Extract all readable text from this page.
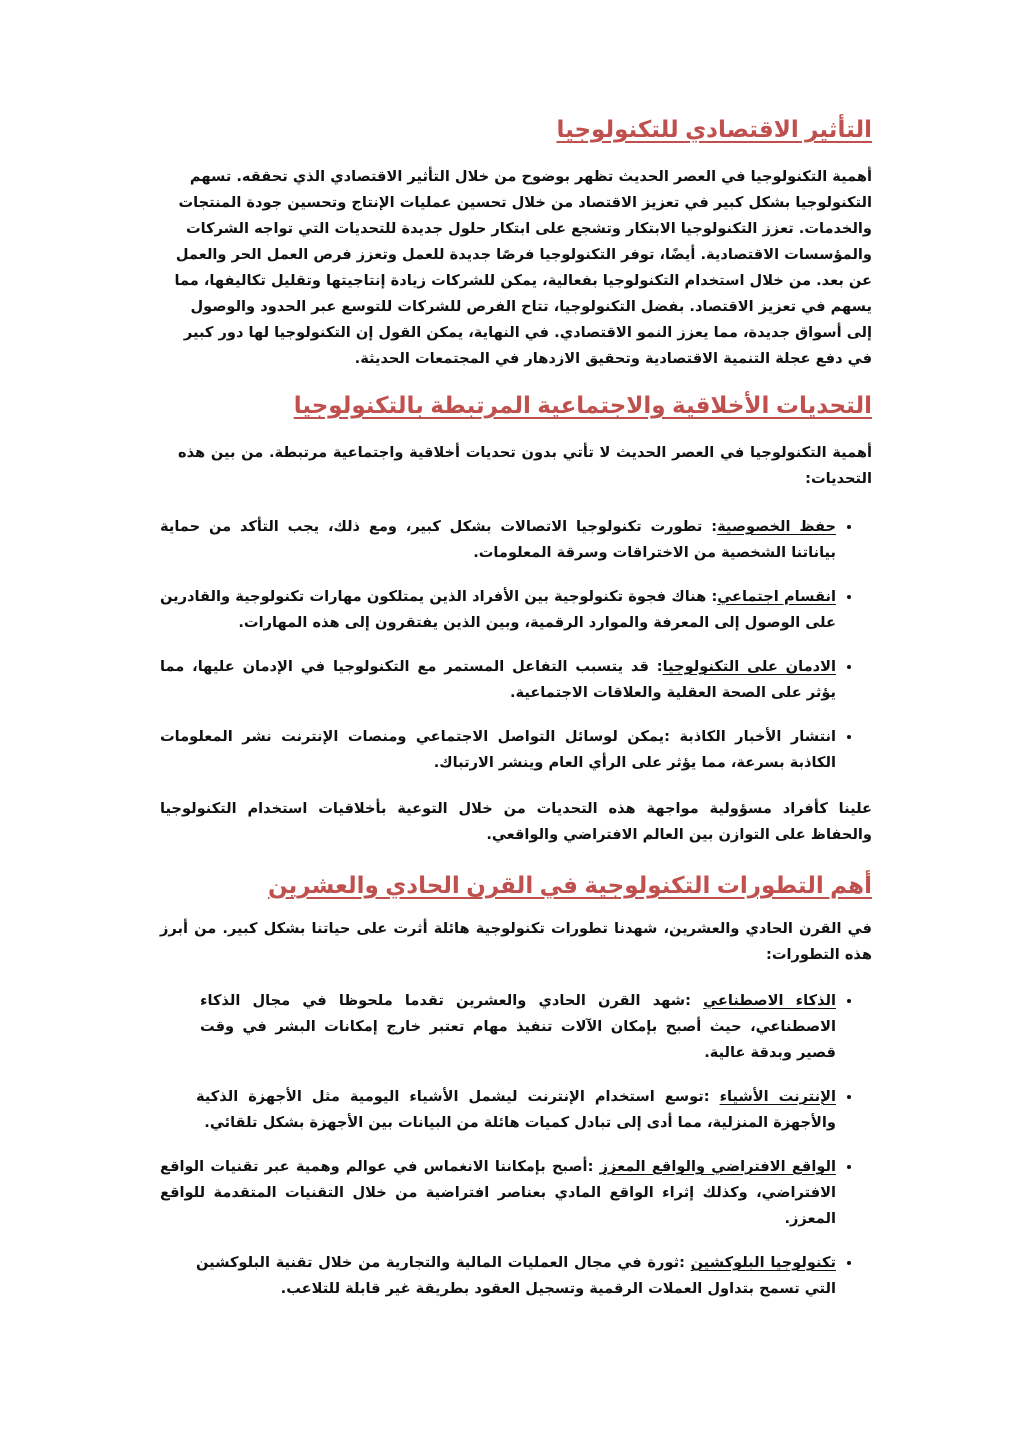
التأثير الاقتصادي للتكنولوجيا

أهمية التكنولوجيا في العصر الحديث تظهر بوضوح من خلال التأثير الاقتصادي الذي تحققه. تسهم التكنولوجيا بشكل كبير في تعزيز الاقتصاد من خلال تحسين عمليات الإنتاج وتحسين جودة المنتجات والخدمات. تعزز التكنولوجيا الابتكار وتشجع على ابتكار حلول جديدة للتحديات التي تواجه الشركات والمؤسسات الاقتصادية. أيضًا، توفر التكنولوجيا فرصًا جديدة للعمل وتعزز فرص العمل الحر والعمل عن بعد. من خلال استخدام التكنولوجيا بفعالية، يمكن للشركات زيادة إنتاجيتها وتقليل تكاليفها، مما يسهم في تعزيز الاقتصاد. بفضل التكنولوجيا، تتاح الفرص للشركات للتوسع عبر الحدود والوصول إلى أسواق جديدة، مما يعزز النمو الاقتصادي. في النهاية، يمكن القول إن التكنولوجيا لها دور كبير في دفع عجلة التنمية الاقتصادية وتحقيق الازدهار في المجتمعات الحديثة.

التحديات الأخلاقية والاجتماعية المرتبطة بالتكنولوجيا

أهمية التكنولوجيا في العصر الحديث لا تأتي بدون تحديات أخلاقية واجتماعية مرتبطة. من بين هذه التحديات:

• حفظ الخصوصية: تطورت تكنولوجيا الاتصالات بشكل كبير، ومع ذلك، يجب التأكد من حماية بياناتنا الشخصية من الاختراقات وسرقة المعلومات.
• انقسام اجتماعي: هناك فجوة تكنولوجية بين الأفراد الذين يمتلكون مهارات تكنولوجية والقادرين على الوصول إلى المعرفة والموارد الرقمية، وبين الذين يفتقرون إلى هذه المهارات.
• الادمان على التكنولوجيا: قد يتسبب التفاعل المستمر مع التكنولوجيا في الإدمان عليها، مما يؤثر على الصحة العقلية والعلاقات الاجتماعية.
• انتشار الأخبار الكاذبة :يمكن لوسائل التواصل الاجتماعي ومنصات الإنترنت نشر المعلومات الكاذبة بسرعة، مما يؤثر على الرأي العام وينشر الارتباك.

علينا كأفراد مسؤولية مواجهة هذه التحديات من خلال التوعية بأخلاقيات استخدام التكنولوجيا والحفاظ على التوازن بين العالم الافتراضي والواقعي.

أهم التطورات التكنولوجية في القرن الحادي والعشرين

في القرن الحادي والعشرين، شهدنا تطورات تكنولوجية هائلة أثرت على حياتنا بشكل كبير. من أبرز هذه التطورات:

• الذكاء الاصطناعي :شهد القرن الحادي والعشرين تقدما ملحوظا في مجال الذكاء الاصطناعي، حيث أصبح بإمكان الآلات تنفيذ مهام تعتبر خارج إمكانات البشر في وقت قصير وبدقة عالية.
• الإنترنت الأشياء :توسع استخدام الإنترنت ليشمل الأشياء اليومية مثل الأجهزة الذكية والأجهزة المنزلية، مما أدى إلى تبادل كميات هائلة من البيانات بين الأجهزة بشكل تلقائي.
• الواقع الافتراضي والواقع المعزز :أصبح بإمكاننا الانغماس في عوالم وهمية عبر تقنيات الواقع الافتراضي، وكذلك إثراء الواقع المادي بعناصر افتراضية من خلال التقنيات المتقدمة للواقع المعزز.
• تكنولوجيا البلوكشين :ثورة في مجال العمليات المالية والتجارية من خلال تقنية البلوكشين التي تسمح بتداول العملات الرقمية وتسجيل العقود بطريقة غير قابلة للتلاعب.
